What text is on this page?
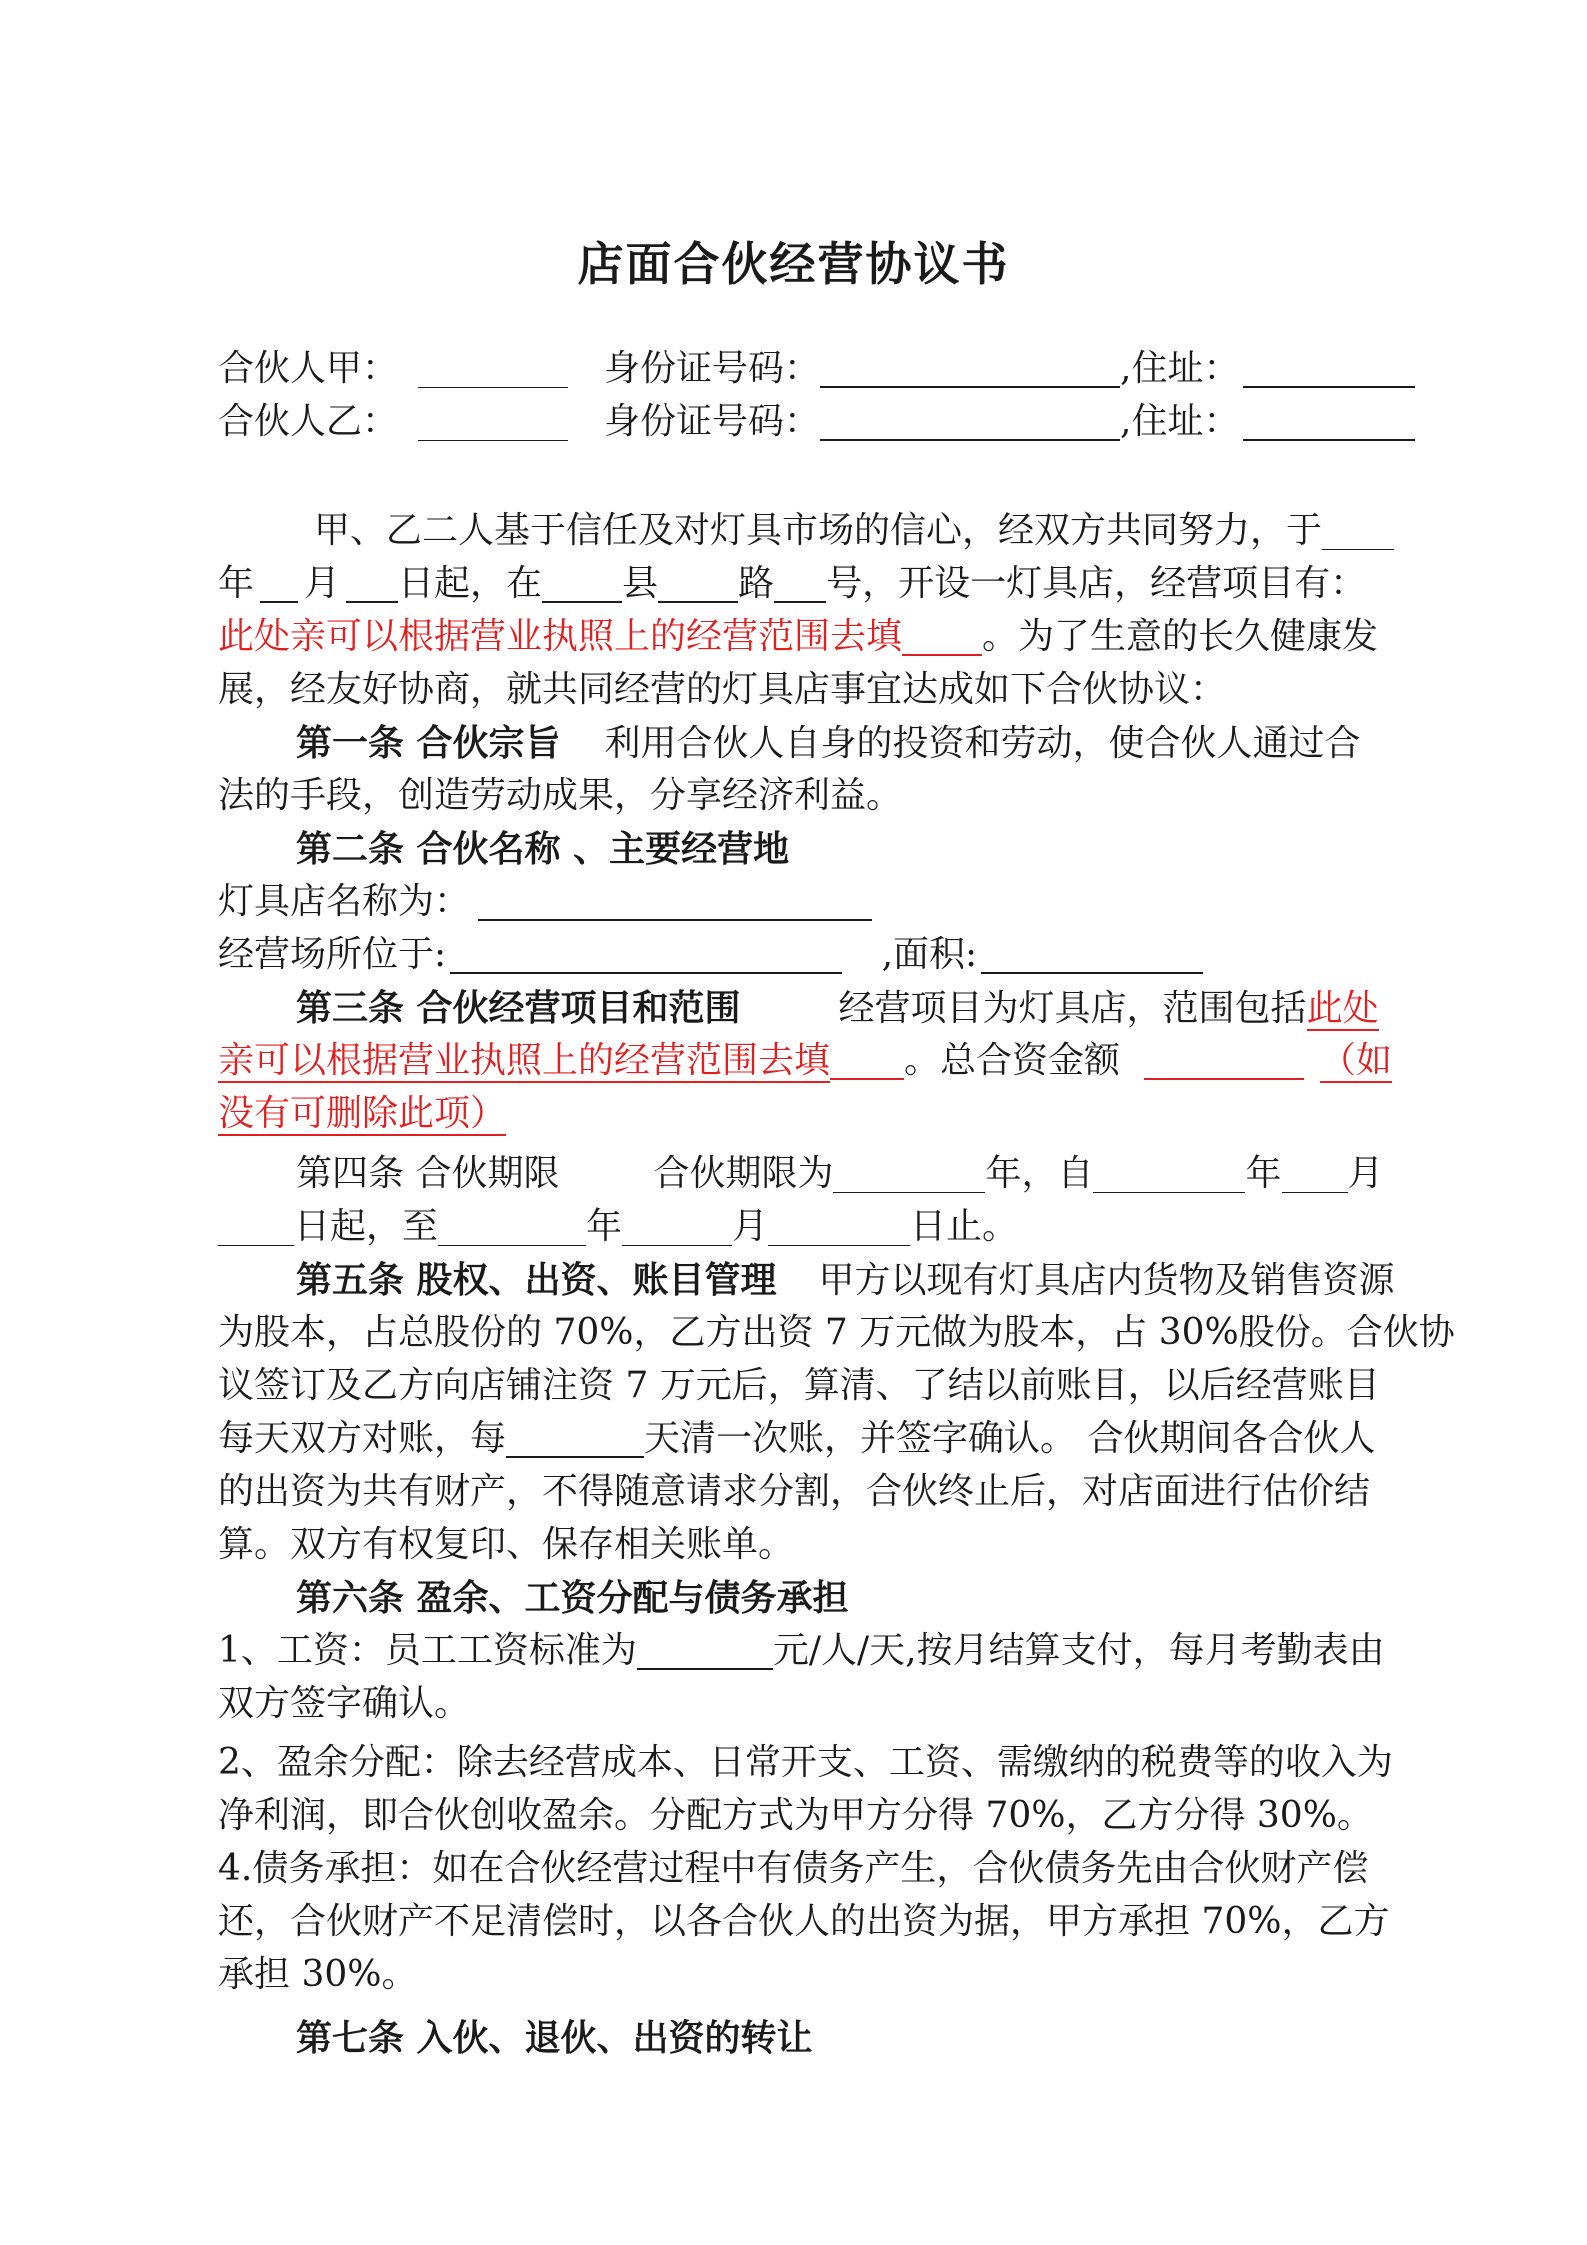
店面合伙经营协议书
合伙人甲：	身份证号码：	,住址：
合伙人乙：	身份证号码：	,住址：
甲、乙二人基于信任及对灯具市场的信心，经双方共同努力，于
年 月 日起，在 县 路 号，开设一灯具店，经营项目有：
此处亲可以根据营业执照上的经营范围去填 。为了生意的长久健康发
展，经友好协商，就共同经营的灯具店事宜达成如下合伙协议：
第一条 合伙宗旨 利用合伙人自身的投资和劳动，使合伙人通过合
法的手段，创造劳动成果，分享经济利益。
第二条 合伙名称 、主要经营地
灯具店名称为：
经营场所位于:	,面积:
第三条 合伙经营项目和范围	经营项目为灯具店，范围包括此处
亲可以根据营业执照上的经营范围去填 。总合资金额	（如
没有可删除此项）
第四条 合伙期限	合伙期限为	年，自	年 月
日起，至	年	月	日止。
第五条 股权、出资、账目管理 甲方以现有灯具店内货物及销售资源
为股本，占总股份的 70%，乙方出资 7 万元做为股本，占 30%股份。合伙协
议签订及乙方向店铺注资 7 万元后，算清、了结以前账目，以后经营账目
每天双方对账，每	天清一次账，并签字确认。 合伙期间各合伙人
的出资为共有财产，不得随意请求分割，合伙终止后，对店面进行估价结
算。双方有权复印、保存相关账单。
第六条 盈余、工资分配与债务承担
1、工资：员工工资标准为	元/人/天,按月结算支付，每月考勤表由
双方签字确认。
2、盈余分配：除去经营成本、日常开支、工资、需缴纳的税费等的收入为
净利润，即合伙创收盈余。分配方式为甲方分得 70%，乙方分得 30%。
4.债务承担：如在合伙经营过程中有债务产生，合伙债务先由合伙财产偿
还，合伙财产不足清偿时，以各合伙人的出资为据，甲方承担 70%，乙方
承担 30%。
第七条 入伙、退伙、出资的转让
